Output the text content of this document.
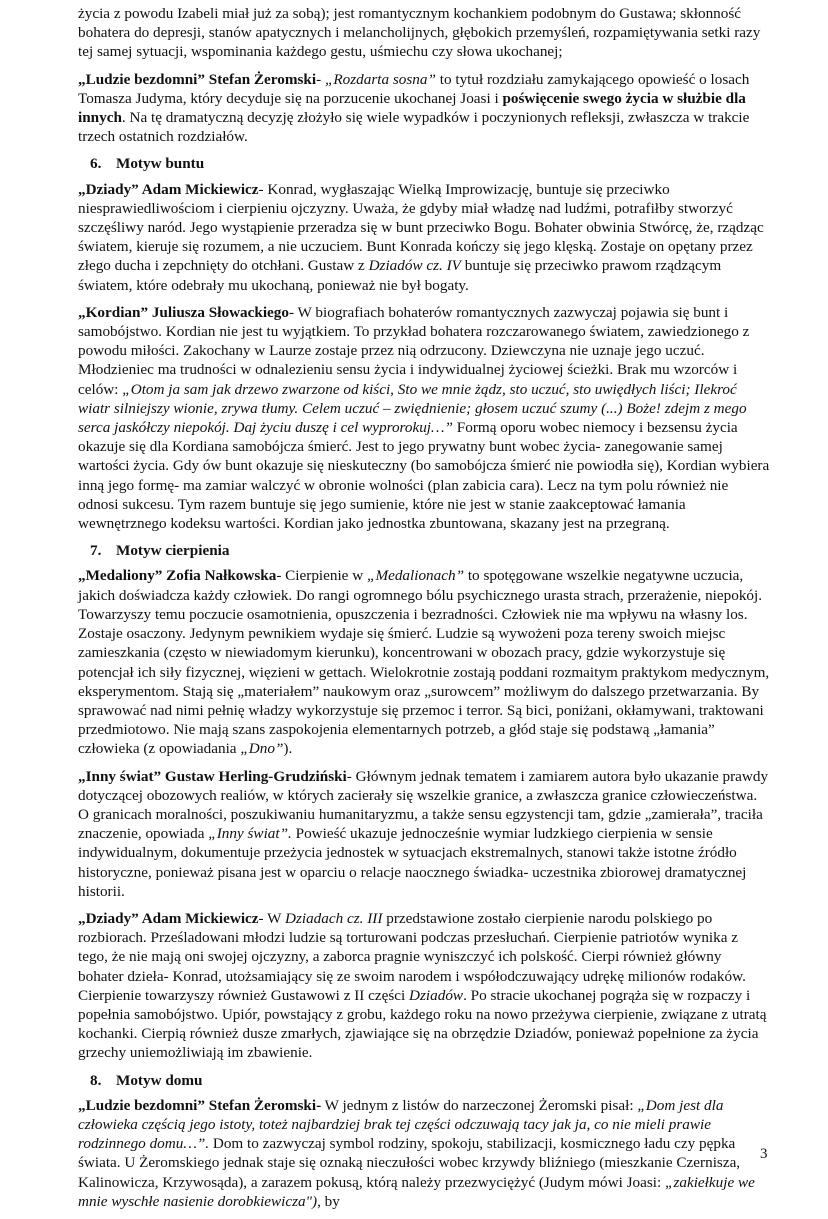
życia z powodu Izabeli miał już za sobą); jest romantycznym kochankiem podobnym do Gustawa; skłonność bohatera do depresji, stanów apatycznych i melancholijnych, głębokich przemyśleń, rozpamiętywania setki razy tej samej sytuacji, wspominania każdego gestu, uśmiechu czy słowa ukochanej;

„Ludzie bezdomni” Stefan Żeromski- „Rozdarta sosna” to tytuł rozdziału zamykającego opowieść o losach Tomasza Judyma, który decyduje się na porzucenie ukochanej Joasi i poświęcenie swego życia w służbie dla innych. Na tę dramatyczną decyzję złożyło się wiele wypadków i poczynionych refleksji, zwłaszcza w trakcie trzech ostatnich rozdziałów.

6. Motyw buntu

„Dziady” Adam Mickiewicz- Konrad, wygłaszając Wielką Improwizację, buntuje się przeciwko niesprawiedliwościom i cierpieniu ojczyzny. Uważa, że gdyby miał władzę nad ludźmi, potrafiłby stworzyć szczęśliwy naród. Jego wystąpienie przeradza się w bunt przeciwko Bogu. Bohater obwinia Stwórcę, że, rządząc światem, kieruje się rozumem, a nie uczuciem. Bunt Konrada kończy się jego klęską. Zostaje on opętany przez złego ducha i zepchnięty do otchłani. Gustaw z Dziadów cz. IV buntuje się przeciwko prawom rządzącym światem, które odebrały mu ukochaną, ponieważ nie był bogaty.

„Kordian” Juliusza Słowackiego- W biografiach bohaterów romantycznych zazwyczaj pojawia się bunt i samobójstwo. Kordian nie jest tu wyjątkiem. To przykład bohatera rozczarowanego światem, zawiedzionego z powodu miłości. Zakochany w Laurze zostaje przez nią odrzucony. Dziewczyna nie uznaje jego uczuć. Młodzieniec ma trudności w odnalezieniu sensu życia i indywidualnej życiowej ścieżki. Brak mu wzorców i celów: „Otom ja sam jak drzewo zwarzone od kiści, Sto we mnie żądz, sto uczuć, sto uwiędłych liści; Ilekroć wiatr silniejszy wionie, zrywa tłumy. Celem uczuć – zwiędnienie; głosem uczuć szumy (...) Boże! zdejm z mego serca jaskółczy niepokój. Daj życiu duszę i cel wyprorokuj…” Formą oporu wobec niemocy i bezsensu życia okazuje się dla Kordiana samobójcza śmierć. Jest to jego prywatny bunt wobec życia- zanegowanie samej wartości życia. Gdy ów bunt okazuje się nieskuteczny (bo samobójcza śmierć nie powiodła się), Kordian wybiera inną jego formę- ma zamiar walczyć w obronie wolności (plan zabicia cara). Lecz na tym polu również nie odnosi sukcesu. Tym razem buntuje się jego sumienie, które nie jest w stanie zaakceptować łamania wewnętrznego kodeksu wartości. Kordian jako jednostka zbuntowana, skazany jest na przegraną.

7. Motyw cierpienia

„Medaliony” Zofia Nałkowska- Cierpienie w „Medalionach” to spotęgowane wszelkie negatywne uczucia, jakich doświadcza każdy człowiek. Do rangi ogromnego bólu psychicznego urasta strach, przerażenie, niepokój. Towarzyszy temu poczucie osamotnienia, opuszczenia i bezradności. Człowiek nie ma wpływu na własny los. Zostaje osaczony. Jedynym pewnikiem wydaje się śmierć. Ludzie są wywożeni poza tereny swoich miejsc zamieszkania (często w niewiadomym kierunku), koncentrowani w obozach pracy, gdzie wykorzystuje się potencjał ich siły fizycznej, więzieni w gettach. Wielokrotnie zostają poddani rozmaitym praktykom medycznym, eksperymentom. Stają się „materiałem” naukowym oraz „surowcem” możliwym do dalszego przetwarzania. By sprawować nad nimi pełnię władzy wykorzystuje się przemoc i terror. Są bici, poniżani, okłamywani, traktowani przedmiotowo. Nie mają szans zaspokojenia elementarnych potrzeb, a głód staje się podstawą „łamania” człowieka (z opowiadania „Dno”).

„Inny świat” Gustaw Herling-Grudziński- Głównym jednak tematem i zamiarem autora było ukazanie prawdy dotyczącej obozowych realiów, w których zacierały się wszelkie granice, a zwłaszcza granice człowieczeństwa. O granicach moralności, poszukiwaniu humanitaryzmu, a także sensu egzystencji tam, gdzie „zamierała”, traciła znaczenie, opowiada „Inny świat”. Powieść ukazuje jednocześnie wymiar ludzkiego cierpienia w sensie indywidualnym, dokumentuje przeżycia jednostek w sytuacjach ekstremalnych, stanowi także istotne źródło historyczne, ponieważ pisana jest w oparciu o relacje naocznego świadka- uczestnika zbiorowej dramatycznej historii.

„Dziady” Adam Mickiewicz- W Dziadach cz. III przedstawione zostało cierpienie narodu polskiego po rozbiorach. Prześladowani młodzi ludzie są torturowani podczas przesłuchań. Cierpienie patriotów wynika z tego, że nie mają oni swojej ojczyzny, a zaborca pragnie wyniszczyć ich polskość. Cierpi również główny bohater dzieła- Konrad, utożsamiający się ze swoim narodem i współodczuwający udrękę milionów rodaków. Cierpienie towarzyszy również Gustawowi z II części Dziadów. Po stracie ukochanej pogrąża się w rozpaczy i popełnia samobójstwo. Upiór, powstający z grobu, każdego roku na nowo przeżywa cierpienie, związane z utratą kochanki. Cierpią również dusze zmarłych, zjawiające się na obrzędzie Dziadów, ponieważ popełnione za życia grzechy uniemożliwiają im zbawienie.

8. Motyw domu

„Ludzie bezdomni” Stefan Żeromski- W jednym z listów do narzeczonej Żeromski pisał: „Dom jest dla człowieka częścią jego istoty, toteż najbardziej brak tej części odczuwają tacy jak ja, co nie mieli prawie rodzinnego domu…”. Dom to zazwyczaj symbol rodziny, spokoju, stabilizacji, kosmicznego ładu czy pępka świata. U Żeromskiego jednak staje się oznaką nieczułości wobec krzywdy bliźniego (mieszkanie Czernisza, Kalinowicza, Krzywosąda), a zarazem pokusą, którą należy przezwyciężyć (Judym mówi Joasi: „zakiełkuje we mnie wyschłe nasienie dorobkiewicza"), by

3
